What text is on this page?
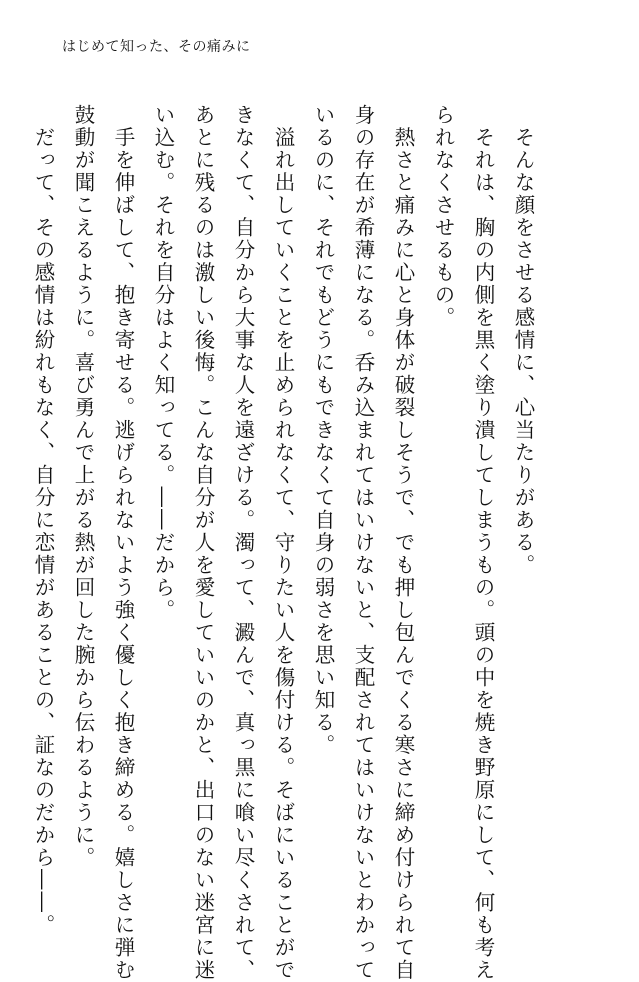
はじめて知った、その痛みに

　そんな顔をさせる感情に、心当たりがある。

　それは、胸の内側を黒く塗り潰してしまうもの。頭の中を焼き野原にして、何も考え
られなくさせるもの。

　熱さと痛みに心と身体が破裂しそうで、でも押し包んでくる寒さに締め付けられて自
身の存在が希薄になる。呑み込まれてはいけないと、支配されてはいけないとわかって
いるのに、それでもどうにもできなくて自身の弱さを思い知る。

　溢れ出していくことを止められなくて、守りたい人を傷付ける。そばにいることがで
きなくて、自分から大事な人を遠ざける。濁って、澱んで、真っ黒に喰い尽くされて、
あとに残るのは激しい後悔。こんな自分が人を愛していいのかと、出口のない迷宮に迷
い込む。それを自分はよく知ってる。――だから。

　手を伸ばして、抱き寄せる。逃げられないよう強く優しく抱き締める。嬉しさに弾む
鼓動が聞こえるように。喜び勇んで上がる熱が回した腕から伝わるように。

　だって、その感情は紛れもなく、自分に恋情があることの、証なのだから――。
